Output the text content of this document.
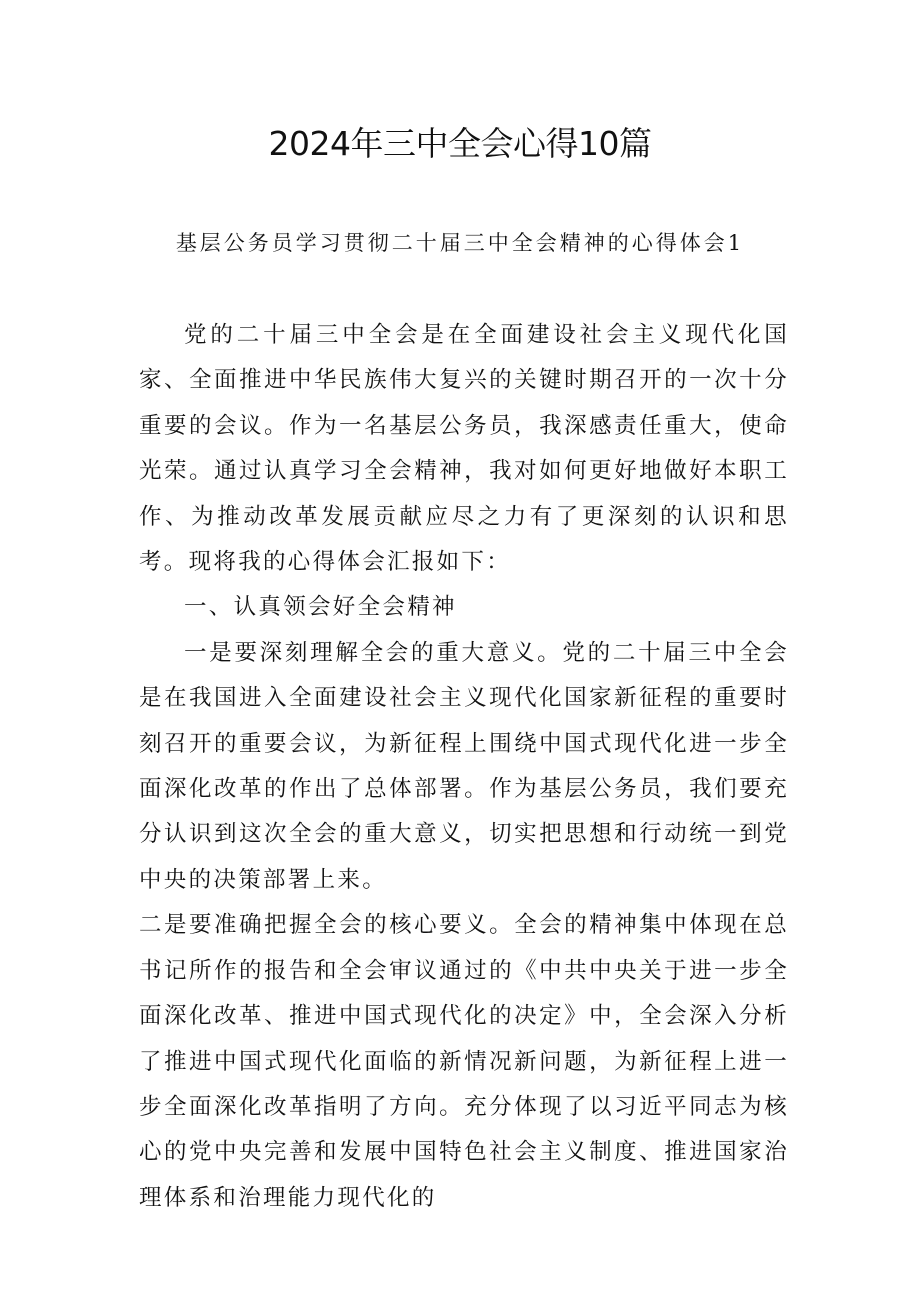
2024年三中全会心得10篇
基层公务员学习贯彻二十届三中全会精神的心得体会1

党的二十届三中全会是在全面建设社会主义现代化国家、全面推进中华民族伟大复兴的关键时期召开的一次十分重要的会议。作为一名基层公务员，我深感责任重大，使命光荣。通过认真学习全会精神，我对如何更好地做好本职工作、为推动改革发展贡献应尽之力有了更深刻的认识和思考。现将我的心得体会汇报如下：

一、认真领会好全会精神

一是要深刻理解全会的重大意义。党的二十届三中全会是在我国进入全面建设社会主义现代化国家新征程的重要时刻召开的重要会议，为新征程上围绕中国式现代化进一步全面深化改革的作出了总体部署。作为基层公务员，我们要充分认识到这次全会的重大意义，切实把思想和行动统一到党中央的决策部署上来。

二是要准确把握全会的核心要义。全会的精神集中体现在总书记所作的报告和全会审议通过的《中共中央关于进一步全面深化改革、推进中国式现代化的决定》中，全会深入分析了推进中国式现代化面临的新情况新问题，为新征程上进一步全面深化改革指明了方向。充分体现了以习近平同志为核心的党中央完善和发展中国特色社会主义制度、推进国家治理体系和治理能力现代化的
